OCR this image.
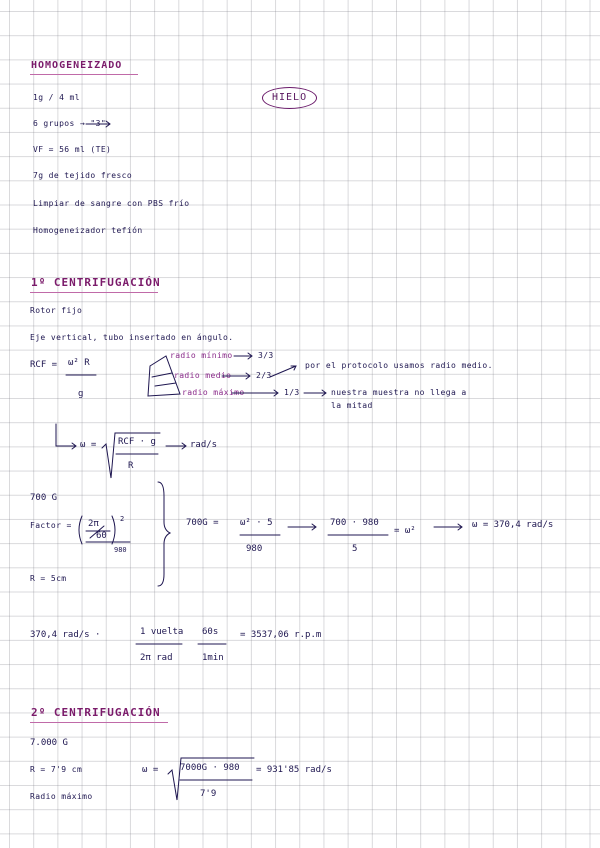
HOMOGENEIZADO
HIELO
1g / 4 ml
6 grupos → "3"
VF = 56 ml (TE)
7g de tejido fresco
Limpiar de sangre con PBS frío
Homogeneizador tefión
1º CENTRIFUGACIÓN
Rotor fijo
Eje vertical, tubo insertado en ángulo.
RCF = ω² R
g
radio mínimo	3/3
radio medio	2/3
radio máximo	1/3
por el protocolo usamos radio medio.
nuestra muestra no llega a
la mitad
ω = RCF · g
R
rad/s
700 G
Factor = 2π
60
2
980
R = 5cm
700G = ω² · 5
980
700 · 980
5
= ω²
ω = 370,4 rad/s
370,4 rad/s ·	1 vuelta
2π rad
60s
1min
= 3537,06 r.p.m
2º CENTRIFUGACIÓN
7.000 G
R = 7'9 cm
Radio máximo
ω = 7000G · 980
7'9
= 931'85 rad/s
